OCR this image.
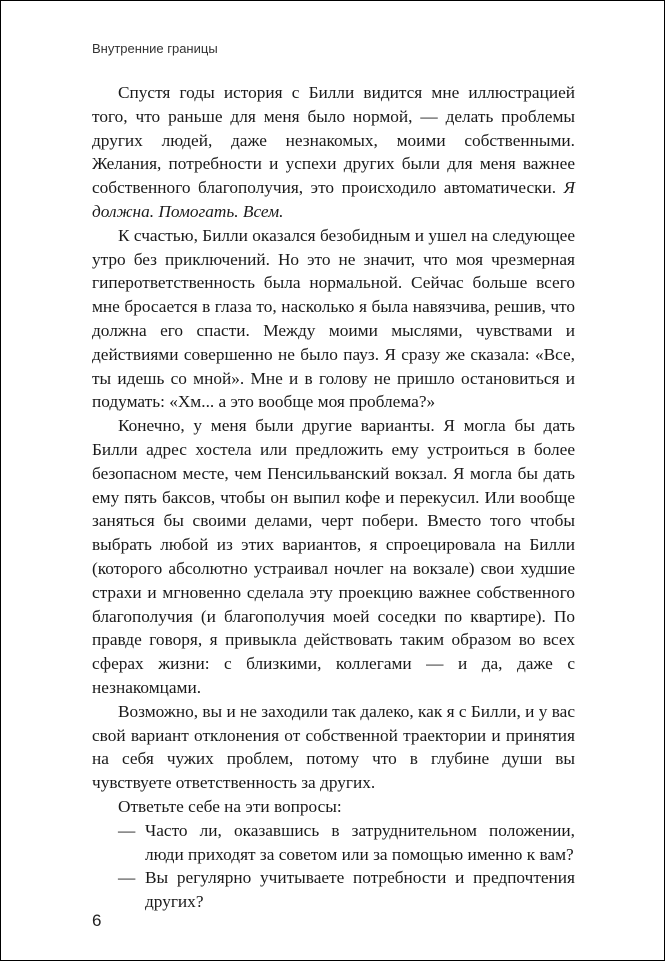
Внутренние границы

Спустя годы история с Билли видится мне иллюстрацией того, что раньше для меня было нормой, — делать проблемы других людей, даже незнакомых, моими собственными. Желания, потребности и успехи других были для меня важнее собственного благополучия, это происходило автоматически. Я должна. Помогать. Всем.

К счастью, Билли оказался безобидным и ушел на следующее утро без приключений. Но это не значит, что моя чрезмерная гиперответственность была нормальной. Сейчас больше всего мне бросается в глаза то, насколько я была навязчива, решив, что должна его спасти. Между моими мыслями, чувствами и действиями совершенно не было пауз. Я сразу же сказала: «Все, ты идешь со мной». Мне и в голову не пришло остановиться и подумать: «Хм... а это вообще моя проблема?»

Конечно, у меня были другие варианты. Я могла бы дать Билли адрес хостела или предложить ему устроиться в более безопасном месте, чем Пенсильванский вокзал. Я могла бы дать ему пять баксов, чтобы он выпил кофе и перекусил. Или вообще заняться бы своими делами, черт побери. Вместо того чтобы выбрать любой из этих вариантов, я спроецировала на Билли (которого абсолютно устраивал ночлег на вокзале) свои худшие страхи и мгновенно сделала эту проекцию важнее собственного благополучия (и благополучия моей соседки по квартире). По правде говоря, я привыкла действовать таким образом во всех сферах жизни: с близкими, коллегами — и да, даже с незнакомцами.

Возможно, вы и не заходили так далеко, как я с Билли, и у вас свой вариант отклонения от собственной траектории и принятия на себя чужих проблем, потому что в глубине души вы чувствуете ответственность за других.

Ответьте себе на эти вопросы:

— Часто ли, оказавшись в затруднительном положении, люди приходят за советом или за помощью именно к вам?
— Вы регулярно учитываете потребности и предпочтения других?
6
